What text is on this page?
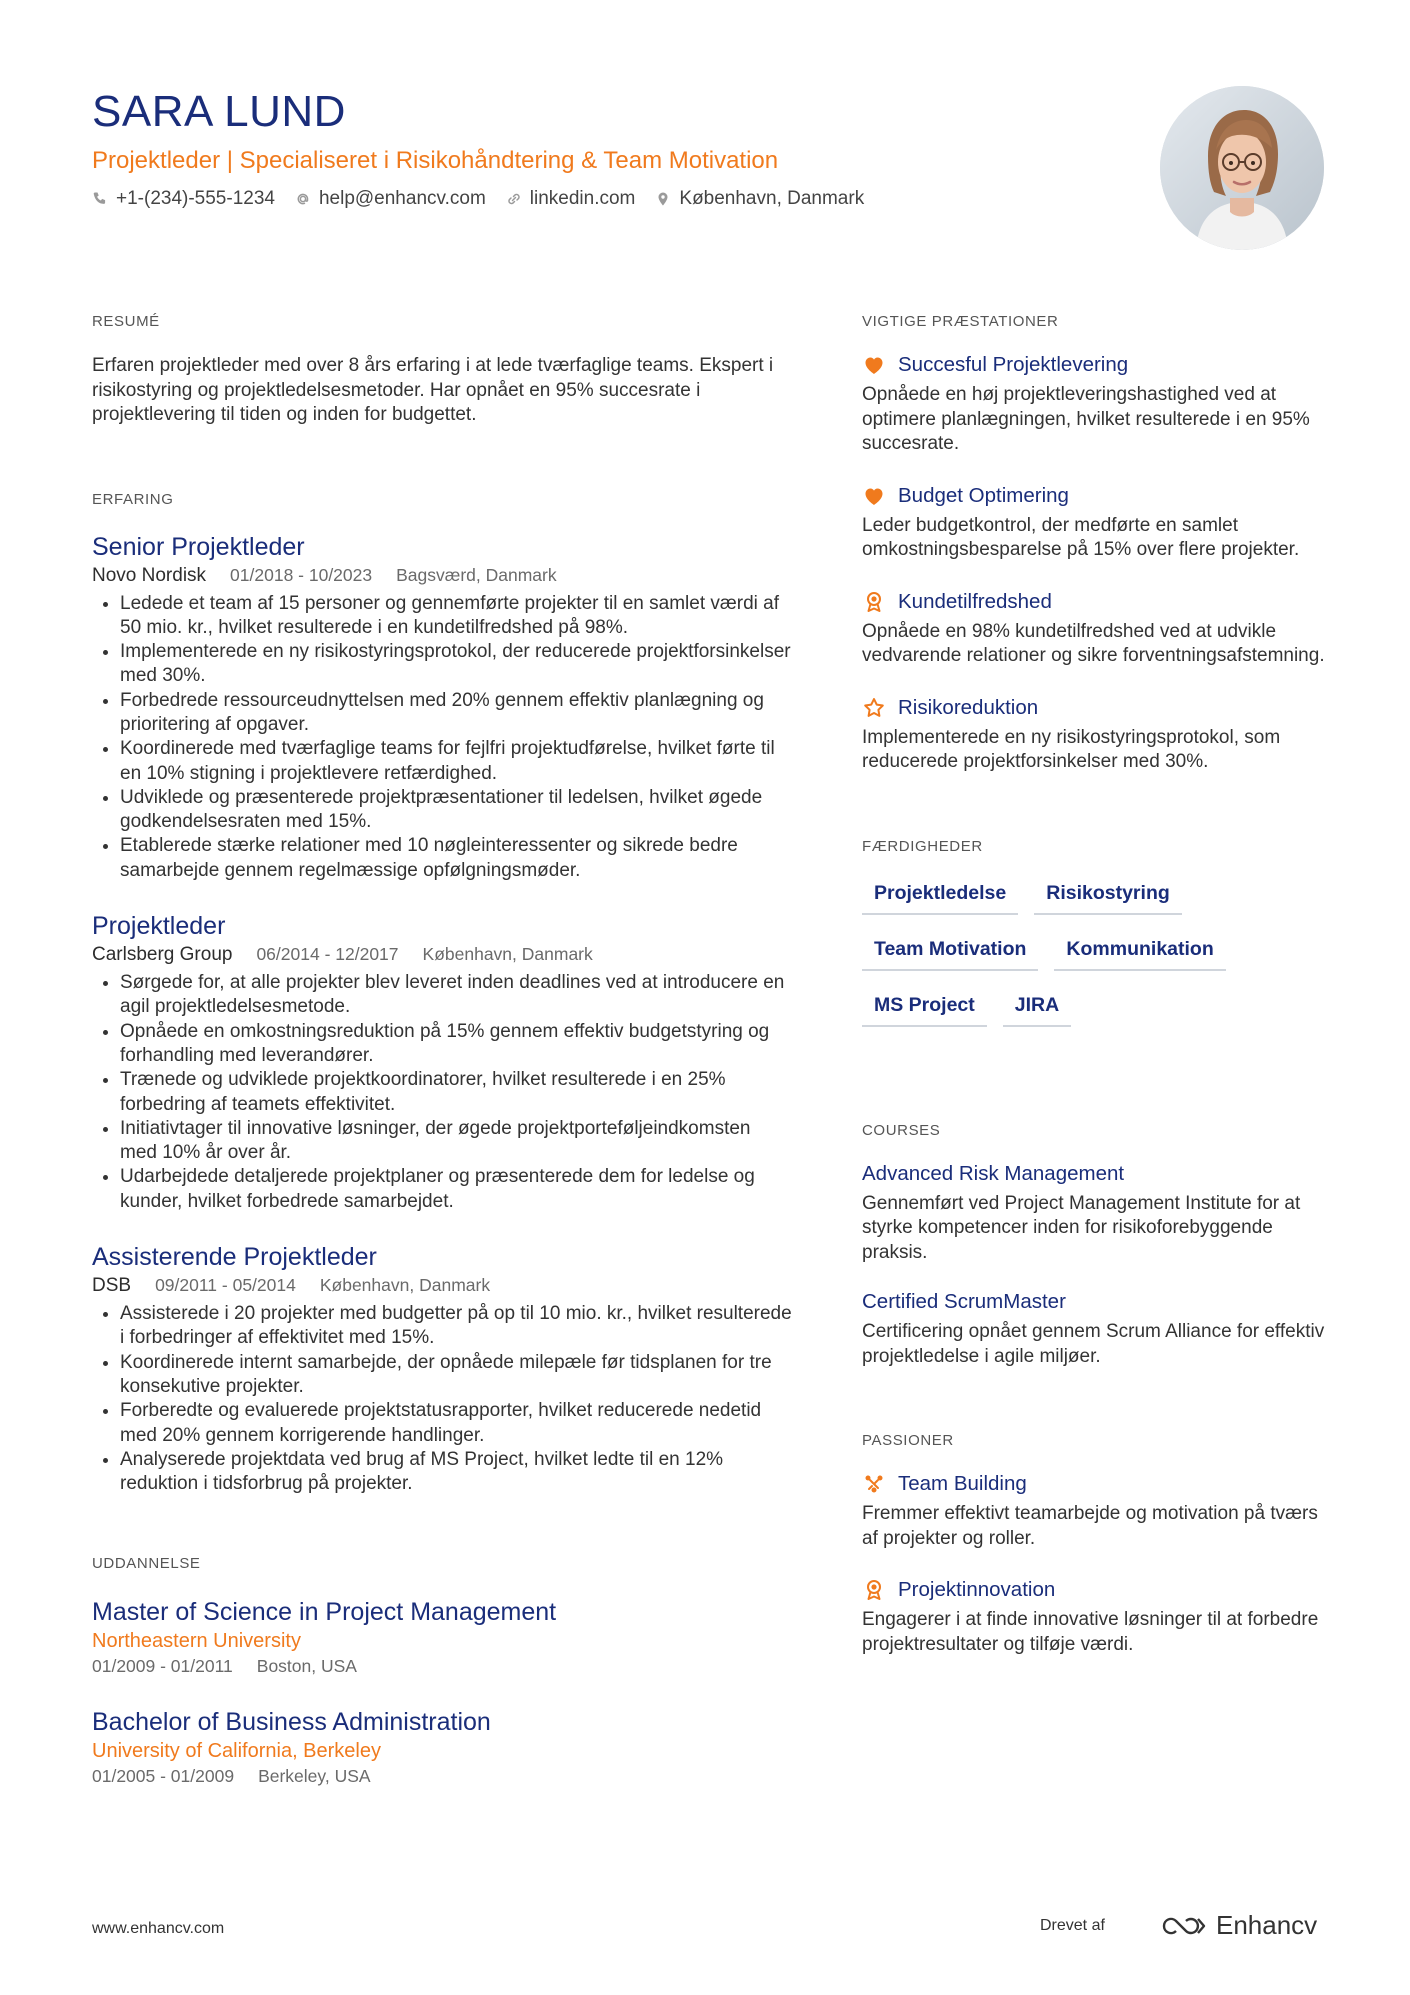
SARA LUND
Projektleder | Specialiseret i Risikohåndtering & Team Motivation
+1-(234)-555-1234 help@enhancv.com linkedin.com København, Danmark
RESUMÉ
Erfaren projektleder med over 8 års erfaring i at lede tværfaglige teams. Ekspert i risikostyring og projektledelsesmetoder. Har opnået en 95% succesrate i projektlevering til tiden og inden for budgettet.
ERFARING
Senior Projektleder
Novo Nordisk 01/2018 - 10/2023 Bagsværd, Danmark
• Ledede et team af 15 personer og gennemførte projekter til en samlet værdi af 50 mio. kr., hvilket resulterede i en kundetilfredshed på 98%.
• Implementerede en ny risikostyringsprotokol, der reducerede projektforsinkelser med 30%.
• Forbedrede ressourceudnyttelsen med 20% gennem effektiv planlægning og prioritering af opgaver.
• Koordinerede med tværfaglige teams for fejlfri projektudførelse, hvilket førte til en 10% stigning i projektlevere retfærdighed.
• Udviklede og præsenterede projektpræsentationer til ledelsen, hvilket øgede godkendelsesraten med 15%.
• Etablerede stærke relationer med 10 nøgleinteressenter og sikrede bedre samarbejde gennem regelmæssige opfølgningsmøder.
Projektleder
Carlsberg Group 06/2014 - 12/2017 København, Danmark
• Sørgede for, at alle projekter blev leveret inden deadlines ved at introducere en agil projektledelsesmetode.
• Opnåede en omkostningsreduktion på 15% gennem effektiv budgetstyring og forhandling med leverandører.
• Trænede og udviklede projektkoordinatorer, hvilket resulterede i en 25% forbedring af teamets effektivitet.
• Initiativtager til innovative løsninger, der øgede projektporteføljeindkomsten med 10% år over år.
• Udarbejdede detaljerede projektplaner og præsenterede dem for ledelse og kunder, hvilket forbedrede samarbejdet.
Assisterende Projektleder
DSB 09/2011 - 05/2014 København, Danmark
• Assisterede i 20 projekter med budgetter på op til 10 mio. kr., hvilket resulterede i forbedringer af effektivitet med 15%.
• Koordinerede internt samarbejde, der opnåede milepæle før tidsplanen for tre konsekutive projekter.
• Forberedte og evaluerede projektstatusrapporter, hvilket reducerede nedetid med 20% gennem korrigerende handlinger.
• Analyserede projektdata ved brug af MS Project, hvilket ledte til en 12% reduktion i tidsforbrug på projekter.
UDDANNELSE
Master of Science in Project Management
Northeastern University
01/2009 - 01/2011 Boston, USA
Bachelor of Business Administration
University of California, Berkeley
01/2005 - 01/2009 Berkeley, USA
VIGTIGE PRÆSTATIONER
Succesful Projektlevering
Opnåede en høj projektleveringshastighed ved at optimere planlægningen, hvilket resulterede i en 95% succesrate.
Budget Optimering
Leder budgetkontrol, der medførte en samlet omkostningsbesparelse på 15% over flere projekter.
Kundetilfredshed
Opnåede en 98% kundetilfredshed ved at udvikle vedvarende relationer og sikre forventningsafstemning.
Risikoreduktion
Implementerede en ny risikostyringsprotokol, som reducerede projektforsinkelser med 30%.
FÆRDIGHEDER
Projektledelse	Risikostyring
Team Motivation	Kommunikation
MS Project	JIRA
COURSES
Advanced Risk Management
Gennemført ved Project Management Institute for at styrke kompetencer inden for risikoforebyggende praksis.
Certified ScrumMaster
Certificering opnået gennem Scrum Alliance for effektiv projektledelse i agile miljøer.
PASSIONER
Team Building
Fremmer effektivt teamarbejde og motivation på tværs af projekter og roller.
Projektinnovation
Engagerer i at finde innovative løsninger til at forbedre projektresultater og tilføje værdi.
www.enhancv.com	Drevet af	Enhancv
